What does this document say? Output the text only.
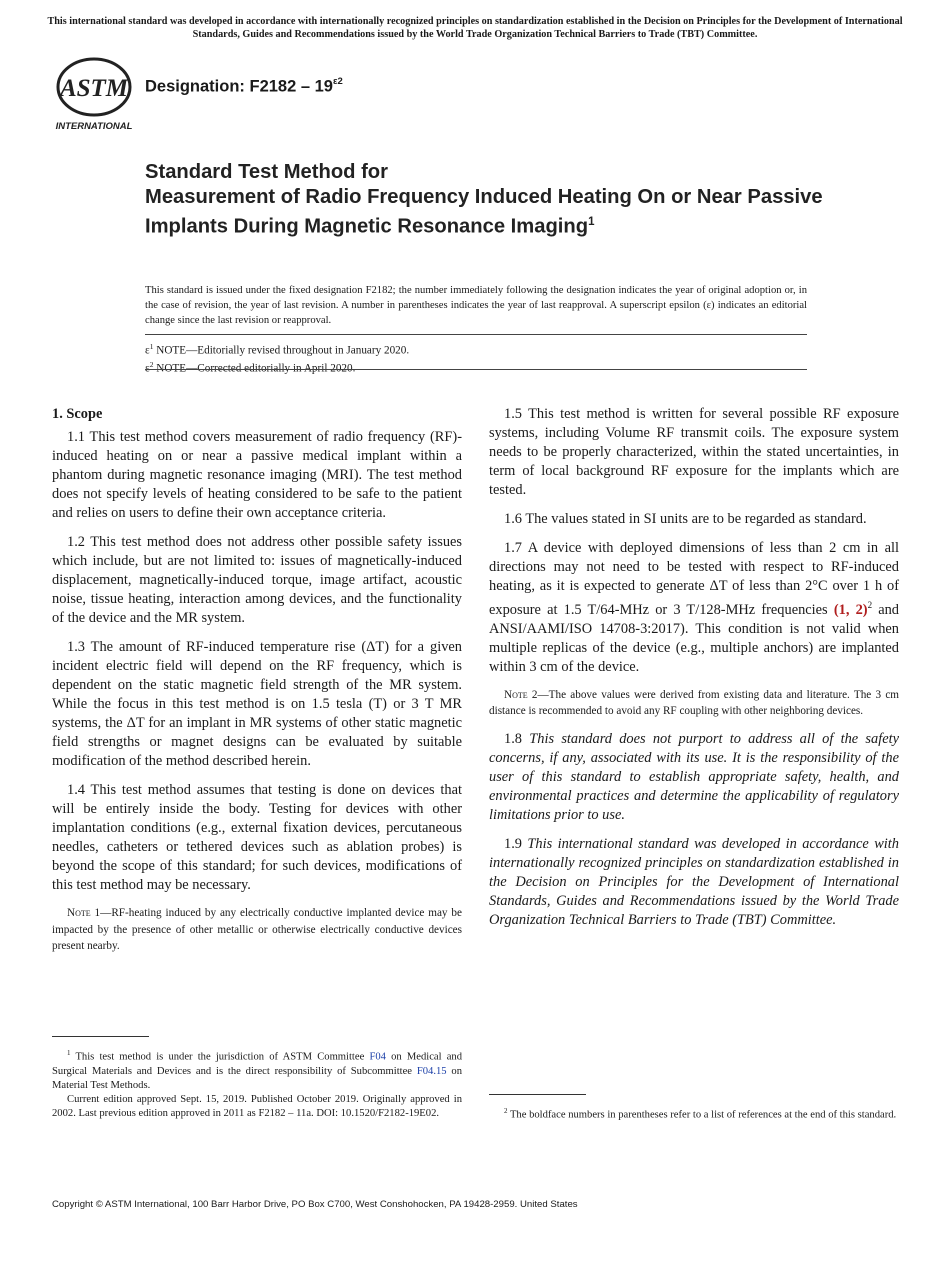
This international standard was developed in accordance with internationally recognized principles on standardization established in the Decision on Principles for the Development of International Standards, Guides and Recommendations issued by the World Trade Organization Technical Barriers to Trade (TBT) Committee.
ASTM
INTERNATIONAL
Designation: $F2182 - 19^{\varepsilon 2}$
Standard Test Method for
Measurement of Radio Frequency Induced Heating On or Near Passive Implants During Magnetic Resonance Imaging$^1$
This standard is issued under the fixed designation F2182; the number immediately following the designation indicates the year of original adoption or, in the case of revision, the year of last revision. A number in parentheses indicates the year of last reapproval. A superscript epsilon (ε) indicates an editorial change since the last revision or reapproval.
$\varepsilon^1$ NOTE—Editorially revised throughout in January 2020.
$^2$

1. Scope

1.1 This test method covers measurement of radio frequency (RF)-induced heating on or near a passive medical implant within a phantom during magnetic resonance imaging (MRI). The test method does not specify levels of heating considered to be safe to the patient and relies on users to define their own acceptance criteria.

1.2 This test method does not address other possible safety issues which include, but are not limited to: issues of magnetically-induced displacement, magnetically-induced torque, image artifact, acoustic noise, tissue heating, interaction among devices, and the functionality of the device and the MR system.

1.3 The amount of RF-induced temperature rise (ΔT) for a given incident electric field will depend on the RF frequency, which is dependent on the static magnetic field strength of the MR system. While the focus in this test method is on 1.5 tesla (T) or 3 T MR systems, the ΔT for an implant in MR systems of other static magnetic field strengths or magnet designs can be evaluated by suitable modification of the method described herein.

1.4 This test method assumes that testing is done on devices that will be entirely inside the body. Testing for devices with other implantation conditions (e.g., external fixation devices, percutaneous needles, catheters or tethered devices such as ablation probes) is beyond the scope of this standard; for such devices, modifications of this test method may be necessary.

Note 1—RF-heating induced by any electrically conductive implanted device may be impacted by the presence of other metallic or otherwise electrically conductive devices present nearby.

1.5 This test method is written for several possible RF exposure systems, including Volume RF transmit coils. The exposure system needs to be properly characterized, within the stated uncertainties, in term of local background RF exposure for the implants which are tested.

1.6 The values stated in SI units are to be regarded as standard.

1.7 A device with deployed dimensions of less than 2 cm in all directions may not need to be tested with respect to RF-induced heating, as it is expected to generate ΔT of less than 2°C over 1 h of exposure at 1.5 T/64-MHz or 3 T/128-MHz frequencies (1, 2)$^2$ and ANSI/AAMI/ISO 14708-3:2017). This condition is not valid when multiple replicas of the device (e.g., multiple anchors) are implanted within 3 cm of the device.

Note 2—The above values were derived from existing data and literature. The 3 cm distance is recommended to avoid any RF coupling with other neighboring devices.

1.8 This standard does not purport to address all of the safety concerns, if any, associated with its use. It is the responsibility of the user of this standard to establish appropriate safety, health, and environmental practices and determine the applicability of regulatory limitations prior to use.

1.9 This international standard was developed in accordance with internationally recognized principles on standardization established in the Decision on Principles for the Development of International Standards, Guides and Recommendations issued by the World Trade Organization Technical Barriers to Trade (TBT) Committee.

$^1$ This test method is under the jurisdiction of ASTM Committee F04 on Medical and Surgical Materials and Devices and is the direct responsibility of Subcommittee F04.15 on Material Test Methods.

Current edition approved Sept. 15, 2019. Published October 2019. Originally approved in 2002. Last previous edition approved in 2011 as F2182 – 11a. DOI: 10.1520/F2182-19E02.	$^2$ The boldface numbers in parentheses refer to a list of references at the end of this standard.

Copyright © ASTM International, 100 Barr Harbor Drive, PO Box C700, West Conshohocken, PA 19428-2959. United States
